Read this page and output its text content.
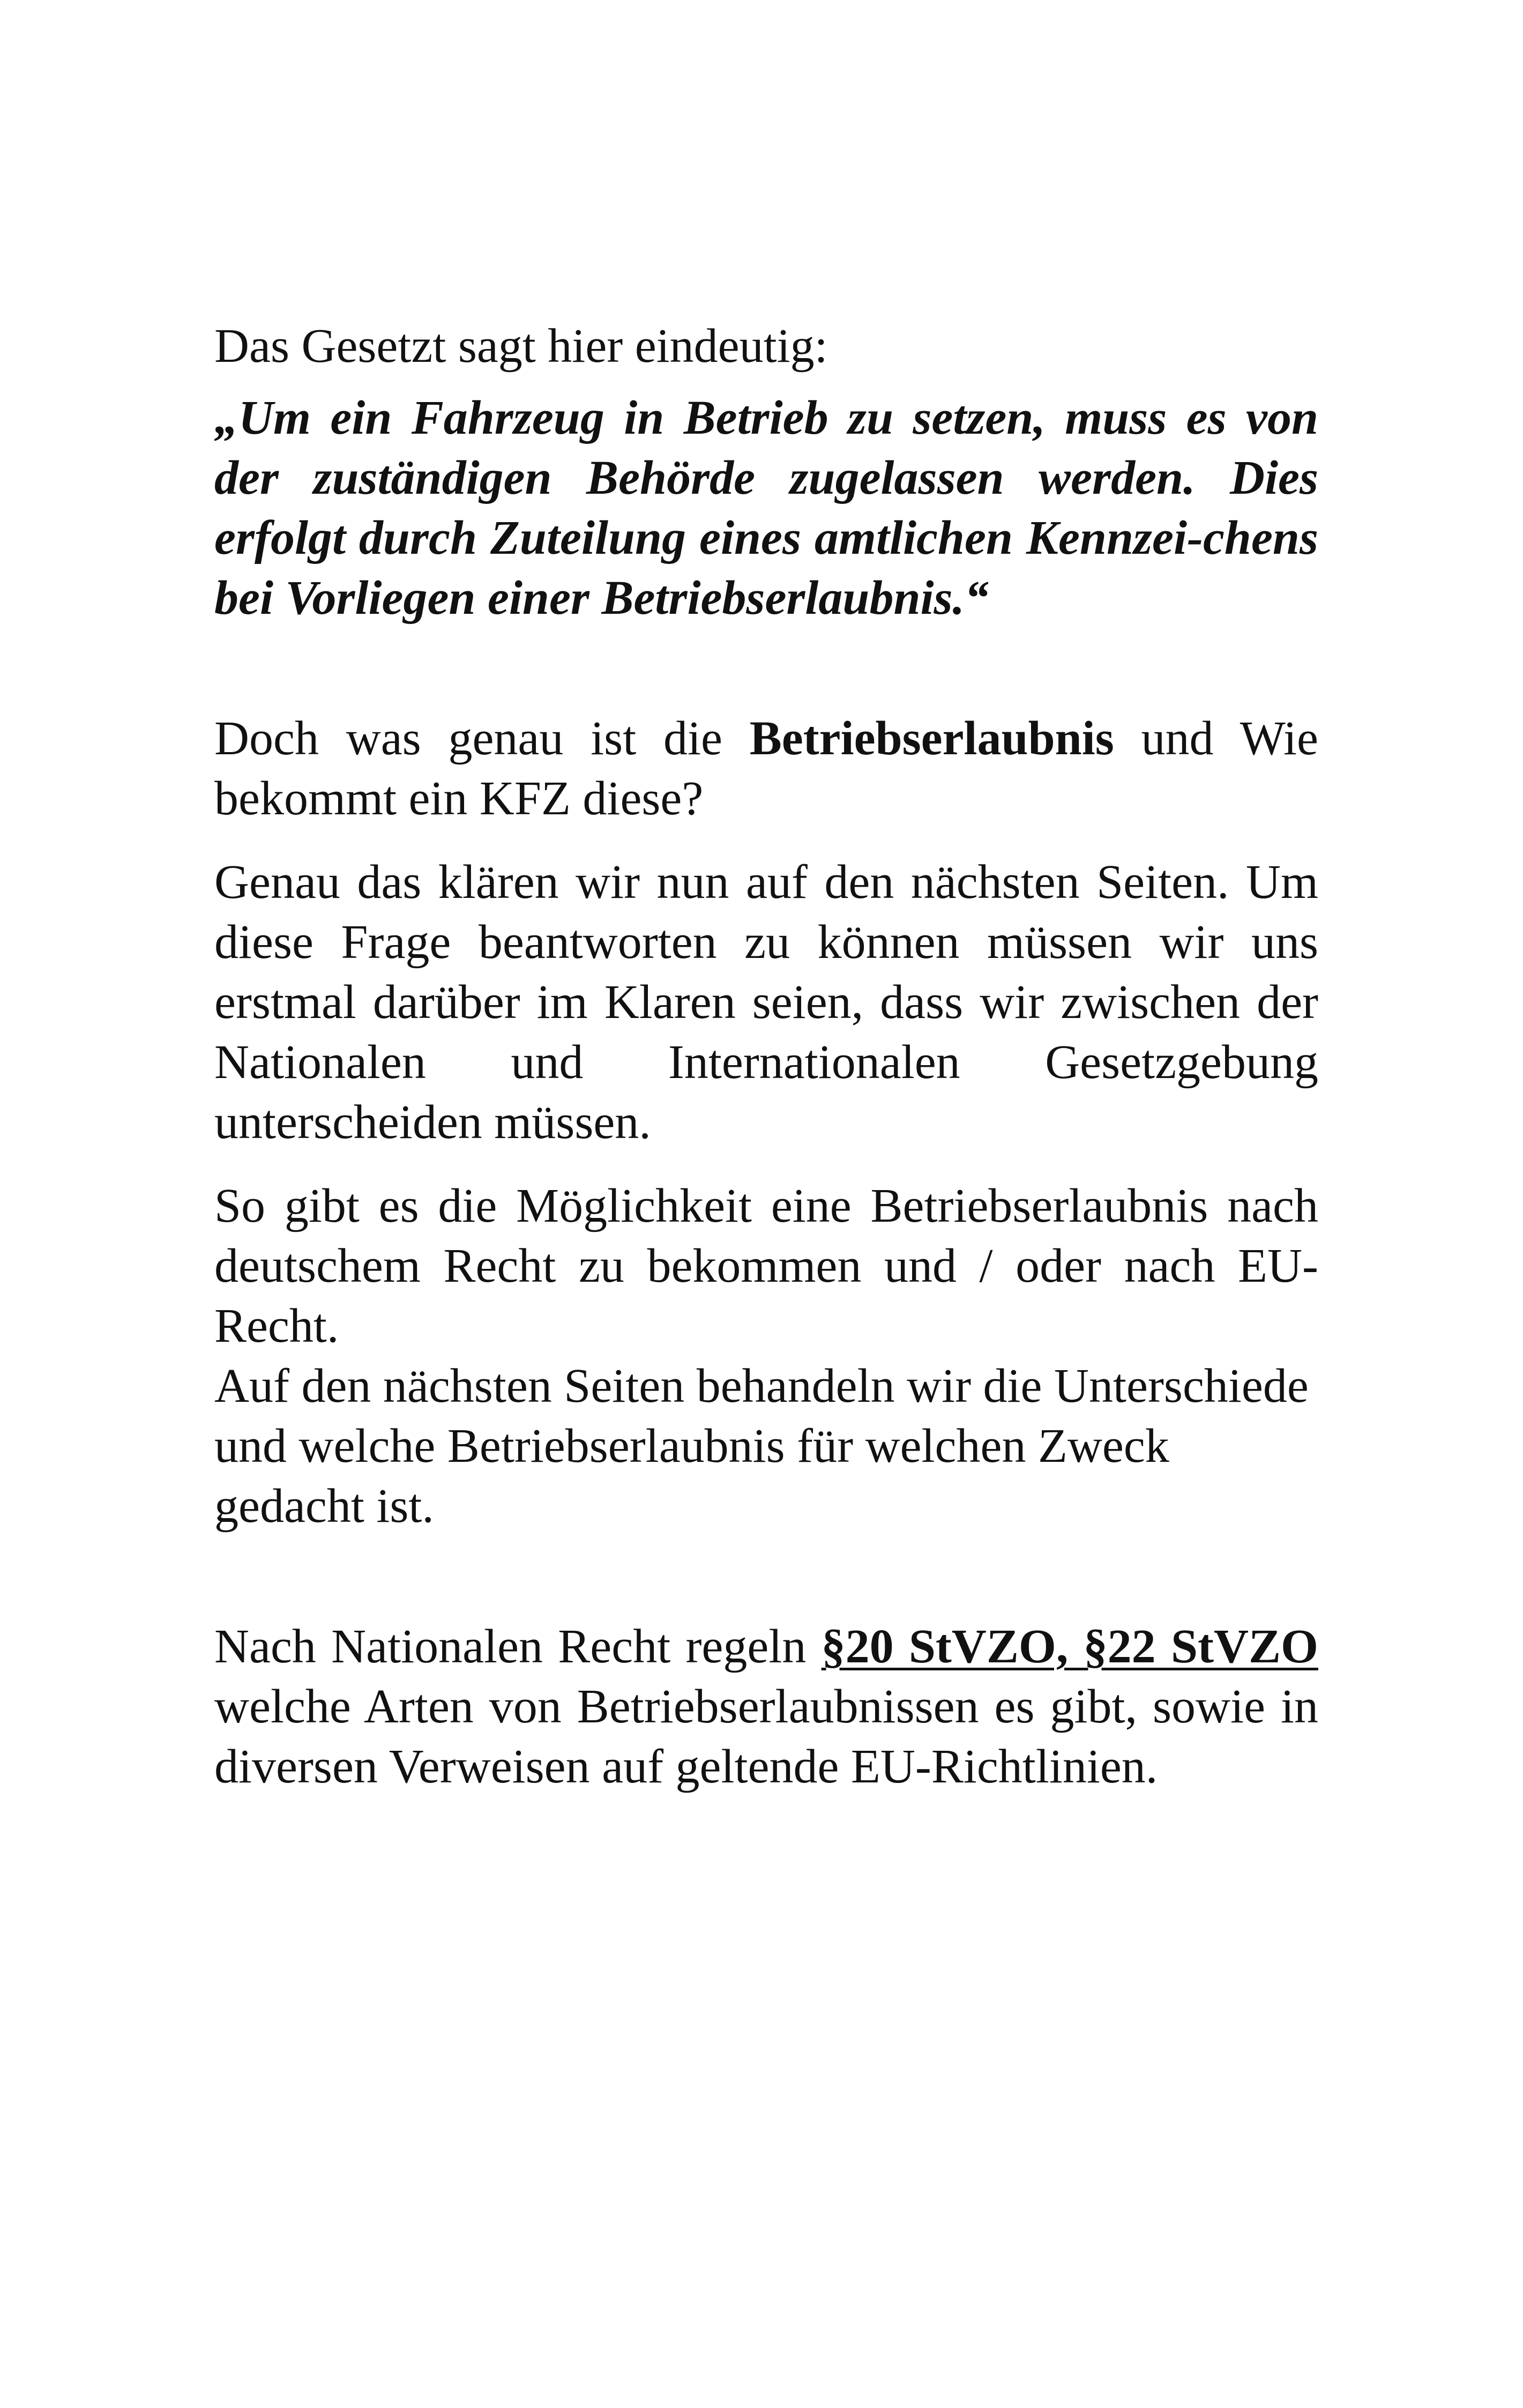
Das Gesetzt sagt hier eindeutig:

„Um ein Fahrzeug in Betrieb zu setzen, muss es von der zuständigen Behörde zugelassen werden. Dies erfolgt durch Zuteilung eines amtlichen Kennzei-chens bei Vorliegen einer Betriebserlaubnis.“

Doch was genau ist die Betriebserlaubnis und Wie bekommt ein KFZ diese?

Genau das klären wir nun auf den nächsten Seiten. Um diese Frage beantworten zu können müssen wir uns erstmal darüber im Klaren seien, dass wir zwischen der Nationalen und Internationalen Gesetzgebung unterscheiden müssen.

So gibt es die Möglichkeit eine Betriebserlaubnis nach deutschem Recht zu bekommen und / oder nach EU-Recht.

Auf den nächsten Seiten behandeln wir die Unterschiede und welche Betriebserlaubnis für welchen Zweck gedacht ist.

Nach Nationalen Recht regeln §20 StVZO, §22 StVZO welche Arten von Betriebserlaubnissen es gibt, sowie in diversen Verweisen auf geltende EU-Richtlinien.
